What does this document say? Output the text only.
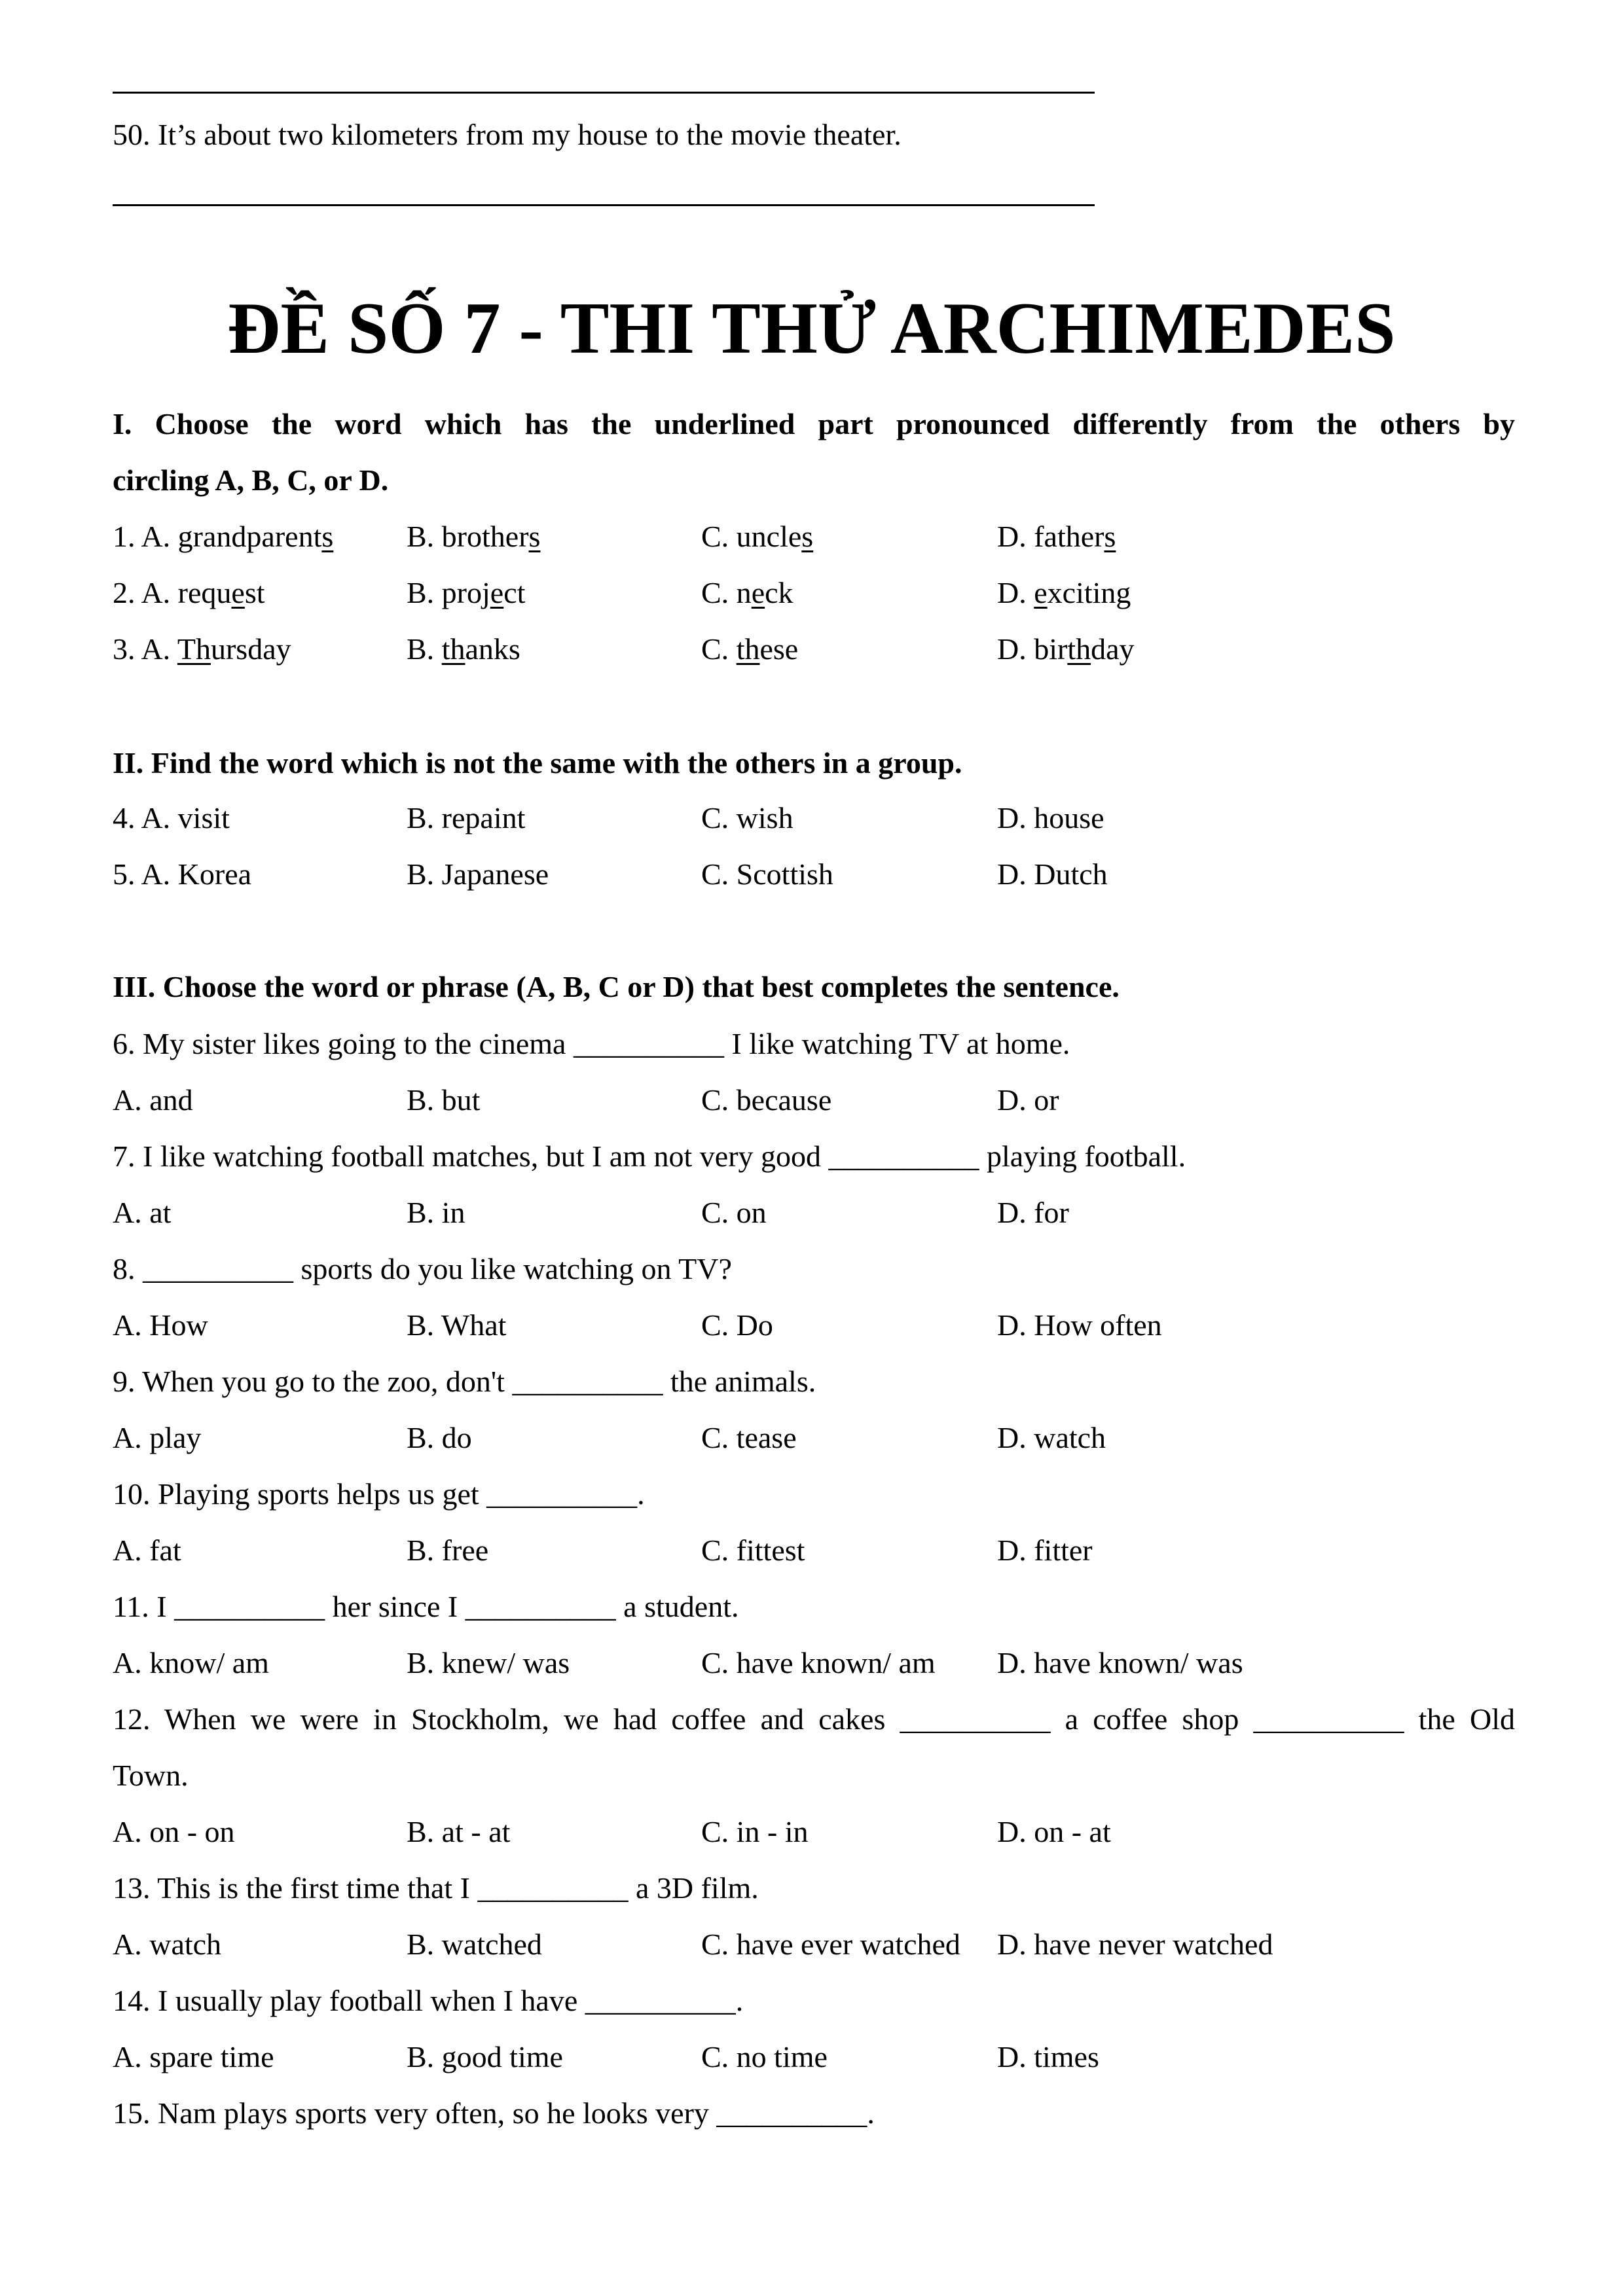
50. It’s about two kilometers from my house to the movie theater.
ĐỀ SỐ 7 - THI THỬ ARCHIMEDES
I. Choose the word which has the underlined part pronounced differently from the others by
circling A, B, C, or D.
1. A. grandparents B. brothers	C. uncles	D. fathers
2. A. request	B. project	C. neck	D. exciting
3. A. Thursday	B. thanks	C. these	D. birthday
II. Find the word which is not the same with the others in a group.
4. A. visit	B. repaint	C. wish	D. house
5. A. Korea	B. Japanese	C. Scottish	D. Dutch
III. Choose the word or phrase (A, B, C or D) that best completes the sentence.
6. My sister likes going to the cinema __________ I like watching TV at home.
A. and	B. but	C. because	D. or
7. I like watching football matches, but I am not very good __________ playing football.
A. at	B. in	C. on	D. for
8. __________ sports do you like watching on TV?
A. How	B. What	C. Do	D. How often
9. When you go to the zoo, don't __________ the animals.
A. play	B. do	C. tease	D. watch
10. Playing sports helps us get __________.
A. fat	B. free	C. fittest	D. fitter
11. I __________ her since I __________ a student.
A. know/ am	B. knew/ was	C. have known/ am D. have known/ was
12. When we were in Stockholm, we had coffee and cakes __________ a coffee shop __________ the Old
Town.
A. on - on	B. at - at	C. in - in	D. on - at
13. This is the first time that I __________ a 3D film.
A. watch	B. watched	C. have ever watched D. have never watched
14. I usually play football when I have __________.
A. spare time	B. good time	C. no time	D. times
15. Nam plays sports very often, so he looks very __________.
